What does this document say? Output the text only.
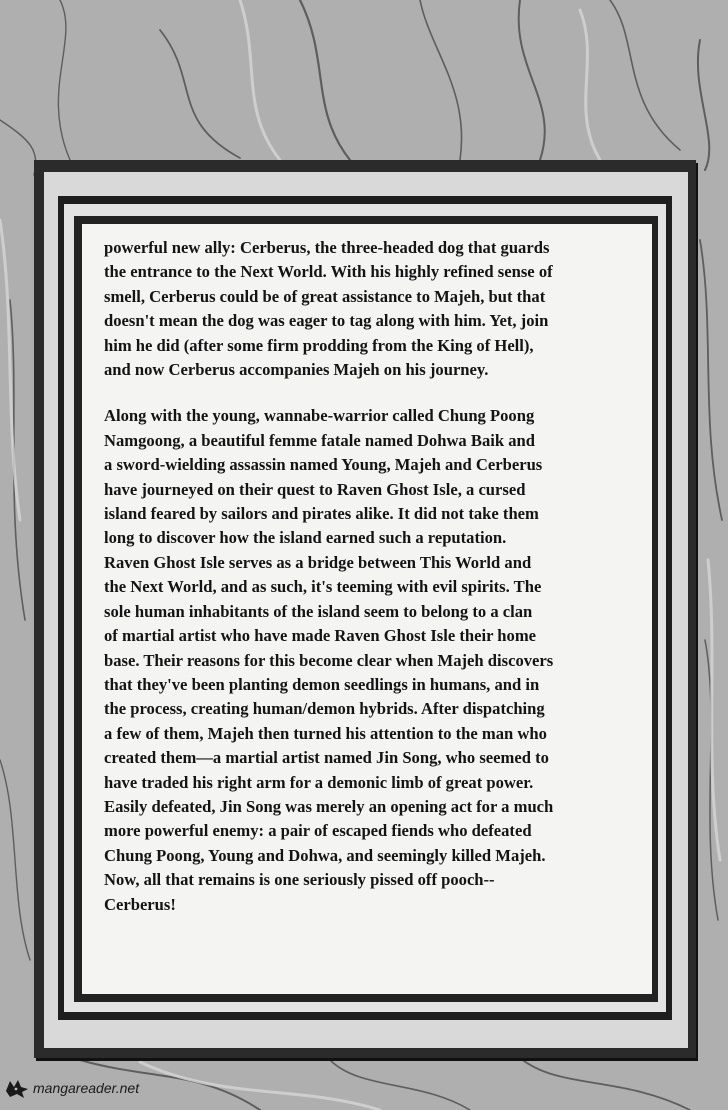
powerful new ally: Cerberus, the three-headed dog that guards

the entrance to the Next World. With his highly refined sense of

smell, Cerberus could be of great assistance to Majeh, but that

doesn't mean the dog was eager to tag along with him. Yet, join

him he did (after some firm prodding from the King of Hell),

and now Cerberus accompanies Majeh on his journey.

Along with the young, wannabe-warrior called Chung Poong

Namgoong, a beautiful femme fatale named Dohwa Baik and

a sword-wielding assassin named Young, Majeh and Cerberus

have journeyed on their quest to Raven Ghost Isle, a cursed

island feared by sailors and pirates alike. It did not take them

long to discover how the island earned such a reputation.

Raven Ghost Isle serves as a bridge between This World and

the Next World, and as such, it's teeming with evil spirits. The

sole human inhabitants of the island seem to belong to a clan

of martial artist who have made Raven Ghost Isle their home

base. Their reasons for this become clear when Majeh discovers

that they've been planting demon seedlings in humans, and in

the process, creating human/demon hybrids. After dispatching

a few of them, Majeh then turned his attention to the man who

created them—a martial artist named Jin Song, who seemed to

have traded his right arm for a demonic limb of great power.

Easily defeated, Jin Song was merely an opening act for a much

more powerful enemy: a pair of escaped fiends who defeated

Chung Poong, Young and Dohwa, and seemingly killed Majeh.

Now, all that remains is one seriously pissed off pooch--

Cerberus!

mangareader.net
